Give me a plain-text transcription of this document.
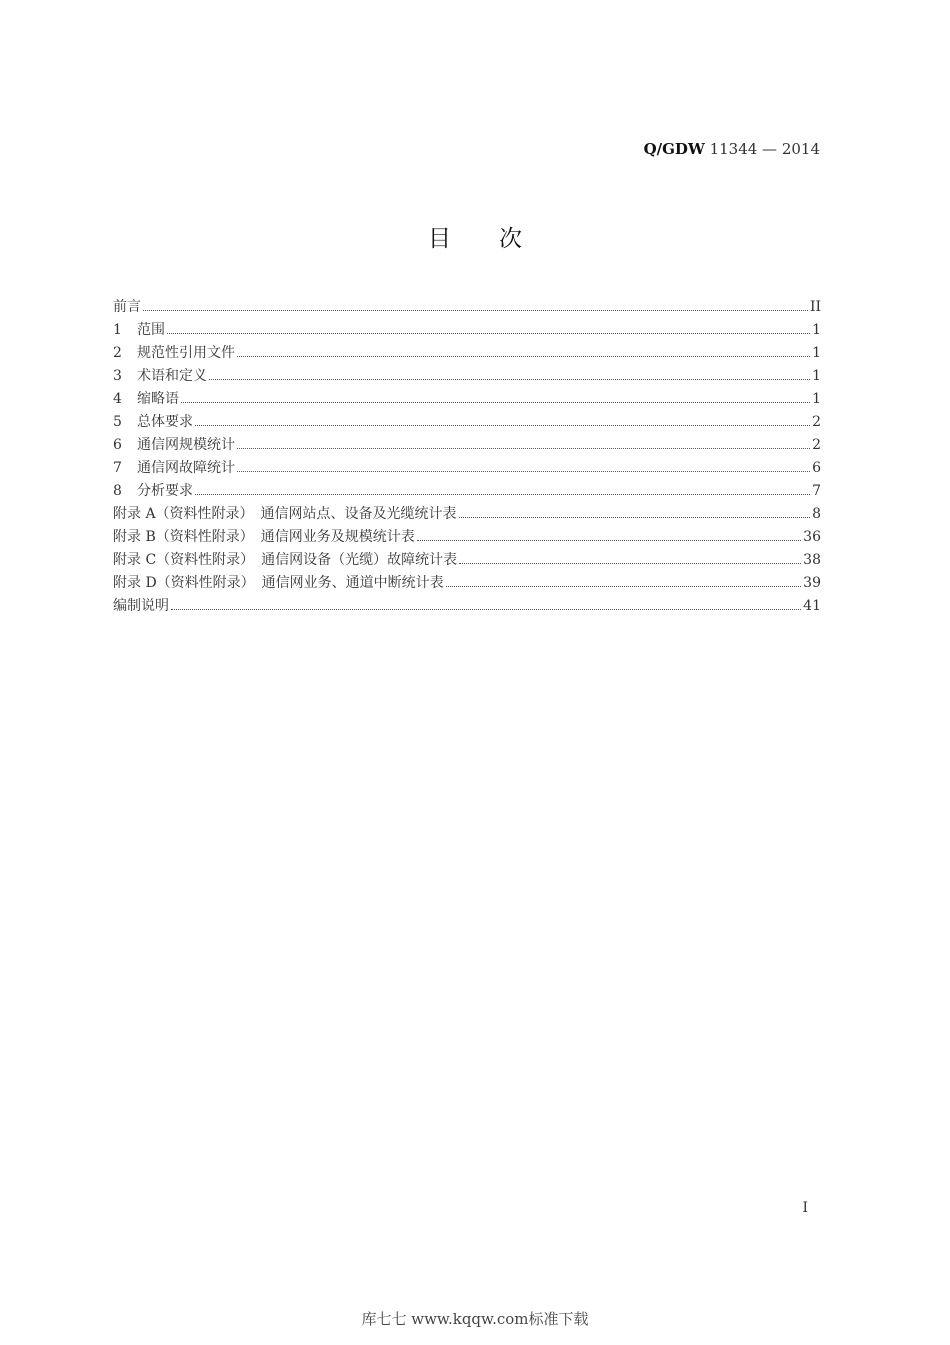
Q/GDW 11344 — 2014
目次
前言	II
1	范围	1
2	规范性引用文件	1
3	术语和定义	1
4	缩略语	1
5	总体要求	2
6	通信网规模统计	2
7	通信网故障统计	6
8	分析要求	7
附录 A（资料性附录）　通信网站点、设备及光缆统计表	8
附录 B（资料性附录）　通信网业务及规模统计表	36
附录 C（资料性附录）　通信网设备（光缆）故障统计表	38
附录 D（资料性附录）　通信网业务、通道中断统计表	39
编制说明	41
I
库七七 www.kqqw.com标准下载
